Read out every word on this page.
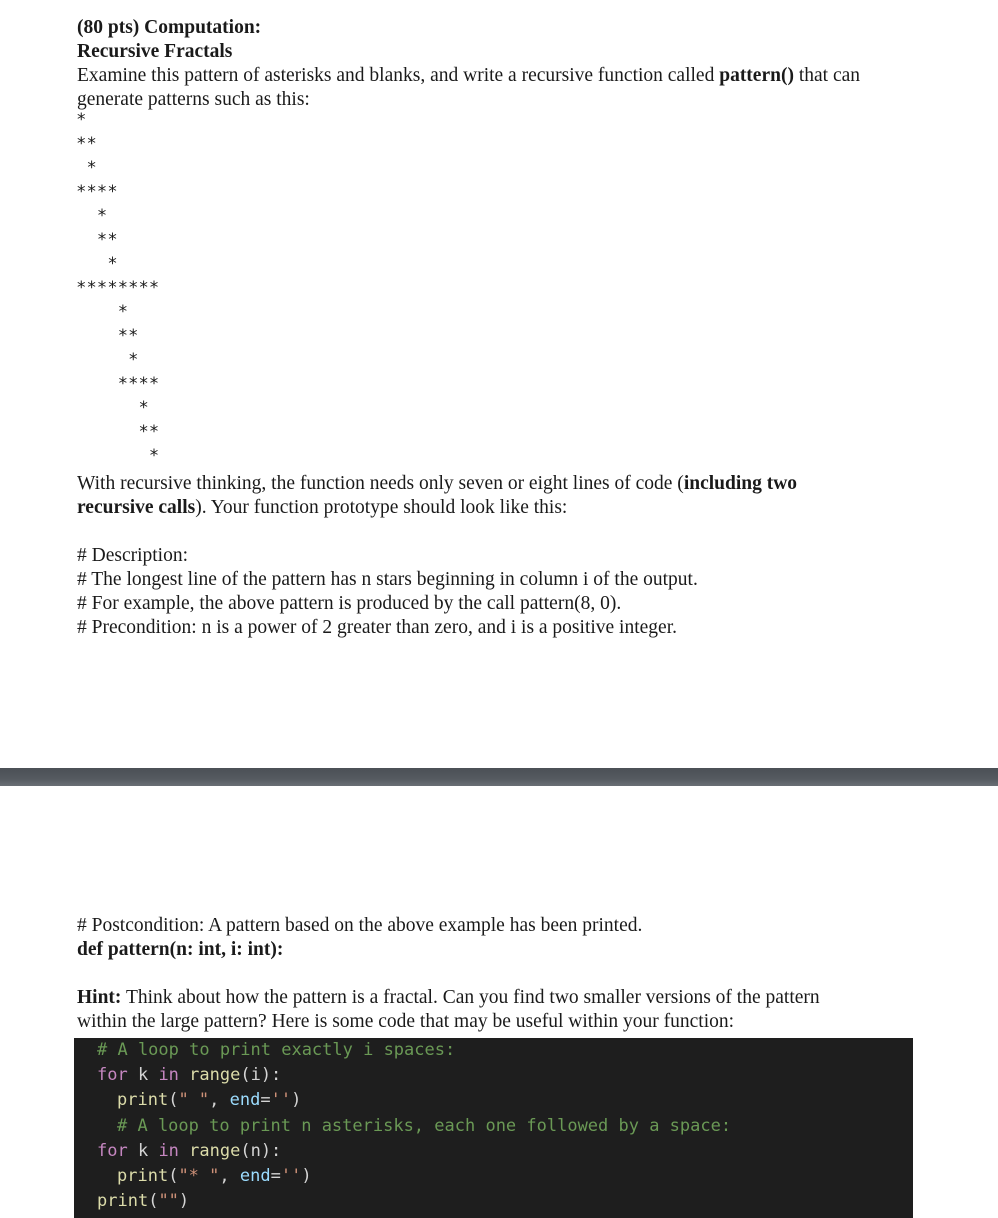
(80 pts) Computation:
Recursive Fractals
Examine this pattern of asterisks and blanks, and write a recursive function called pattern() that can
generate patterns such as this:
*
* *
*
* * * *
*
* *
*
* * * * * * * *
*
* *
*
* * * *
*
* *
*
With recursive thinking, the function needs only seven or eight lines of code (including two
recursive calls). Your function prototype should look like this:
# Description:
# The longest line of the pattern has n stars beginning in column i of the output.
# For example, the above pattern is produced by the call pattern(8, 0).
# Precondition: n is a power of 2 greater than zero, and i is a positive integer.
# Postcondition: A pattern based on the above example has been printed.
def pattern(n: int, i: int):
Hint: Think about how the pattern is a fractal. Can you find two smaller versions of the pattern
within the large pattern? Here is some code that may be useful within your function:
# A loop to print exactly i spaces:
for k in range(i):
print(" ", end='')
# A loop to print n asterisks, each one followed by a space:
for k in range(n):
print("* ", end='')
print("")
